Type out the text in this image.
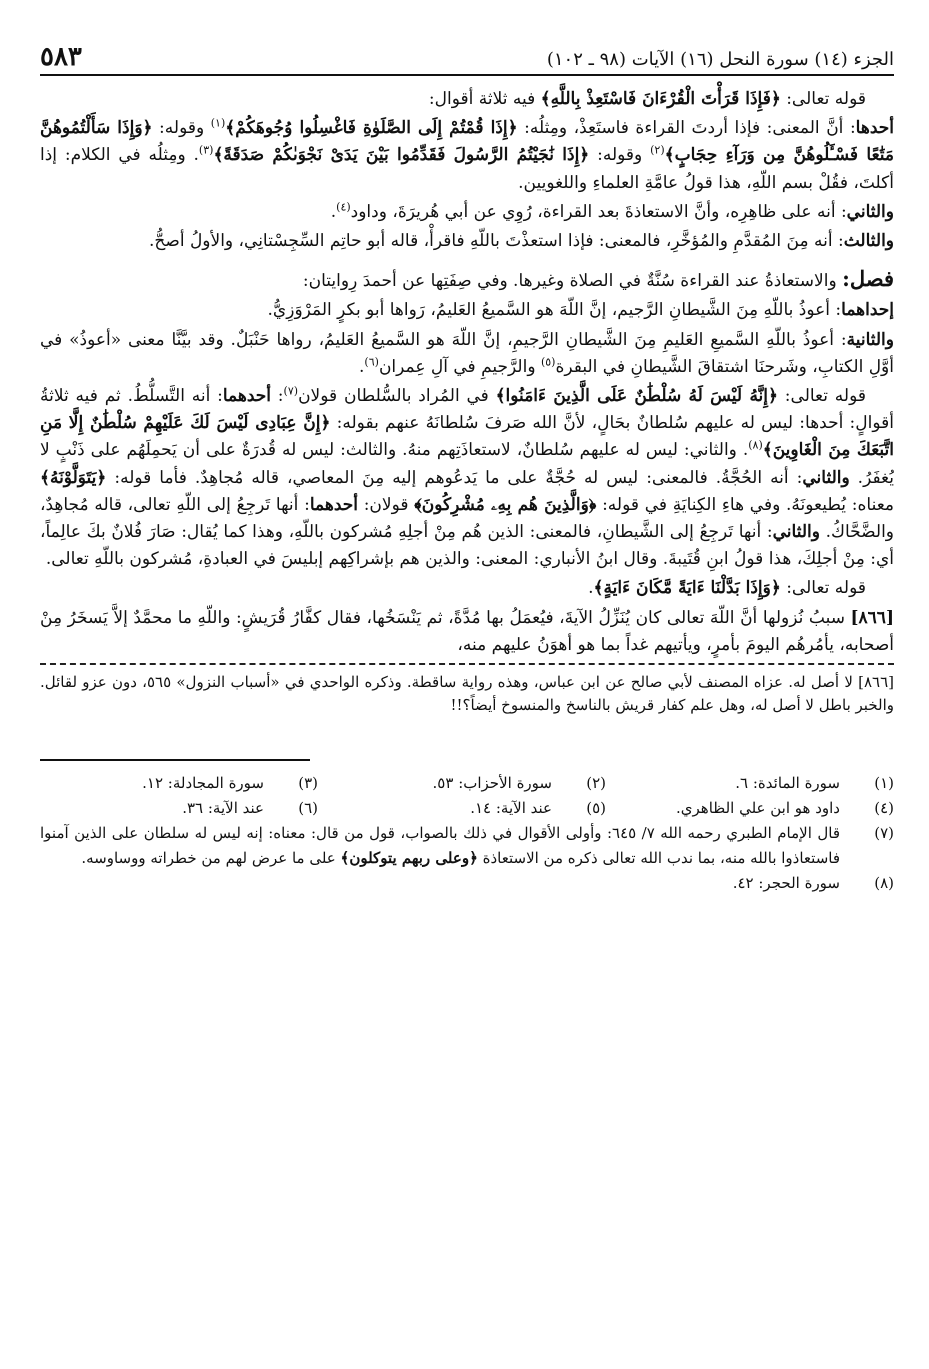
الجزء (١٤) سورة النحل (١٦) الآيات (٩٨ ـ ١٠٢)
٥٨٣

قوله تعالى: ﴿فَإِذَا قَرَأْتَ الْقُرْءَانَ فَاسْتَعِذْ بِاللَّهِ﴾ فيه ثلاثة أقوال:

أحدها: أنَّ المعنى: فإذا أردتَ القراءة فاستَعِذْ، ومِثلُه: ﴿إِذَا قُمْتُمْ إِلَى الصَّلَوٰةِ فَاغْسِلُوا وُجُوهَكُمْ﴾$^{(١)}$ وقوله: ﴿وَإِذَا سَأَلْتُمُوهُنَّ مَتَٰعًا فَسْـَٔلُوهُنَّ مِن وَرَآءِ حِجَابٍ﴾$^{(٢)}$ وقوله: ﴿إِذَا نَٰجَيْتُمُ الرَّسُولَ فَقَدِّمُوا بَيْنَ يَدَىْ نَجْوَىٰكُمْ صَدَقَةً﴾$^{(٣)}$. ومِثلُه في الكلام: إذا أكلتَ، فقُلْ بسم اللّهِ، هذا قولُ عامَّةِ العلماءِ واللغويين.

والثاني: أنه على ظاهِرِه، وأنَّ الاستعاذةَ بعد القراءة، رُوِي عن أبي هُريرَةَ، وداود$^{(٤)}$.

والثالث: أنه مِنَ المُقدَّمِ والمُؤخَّرِ، فالمعنى: فإذا استعذْتَ باللّهِ فاقرأْ، قاله أبو حاتِم السِّجِسْتانِي، والأولُ أصحُّ.

فصل: والاستعاذةُ عند القراءة سُنَّةٌ في الصلاة وغيرها. وفي صِفَتِها عن أحمدَ رِوايتان:

إحداهما: أعوذُ باللّهِ مِنَ الشَّيطانِ الرَّجيم، إنَّ اللّهَ هو السَّميعُ العَليمُ، رَواها أبو بكرٍ المَرْوَزِيُّ.

والثانية: أعوذُ باللّهِ السَّميعِ العَليمِ مِنَ الشَّيطانِ الرَّجيمِ، إنَّ اللّهَ هو السَّميعُ العَليمُ، رواها حَنْبَلٌ. وقد بيَّنَّا معنى «أعوذُ» في أوَّلِ الكتابِ، وشَرحنَا اشتقاقَ الشَّيطانِ في البقرة$^{(٥)}$ والرَّجيمِ في آلِ عِمران$^{(٦)}$.

قوله تعالى: ﴿إِنَّهُ لَيْسَ لَهُ سُلْطَٰنٌ عَلَى الَّذِينَ ءَامَنُوا﴾ في المُراد بالسُّلطان قولان$^{(٧)}$: أحدهما: أنه التَّسلُّطُ. ثم فيه ثلاثةُ أقوالٍ: أحدها: ليس له عليهم سُلطانٌ بحَالٍ، لأنَّ الله صَرفَ سُلطانَهُ عنهم بقوله: ﴿إِنَّ عِبَادِى لَيْسَ لَكَ عَلَيْهِمْ سُلْطَٰنٌ إِلَّا مَنِ اتَّبَعَكَ مِنَ الْغَاوِينَ﴾$^{(٨)}$. والثاني: ليس له عليهم سُلطانٌ، لاستعاذَتِهم منهُ. والثالث: ليس له قُدرَةٌ على أن يَحمِلَهُم على ذَنْبٍ لا يُغفَرُ. والثاني: أنه الحُجَّةُ. فالمعنى: ليس له حُجَّةٌ على ما يَدعُوهم إليه مِنَ المعاصي، قاله مُجاهِدٌ. فأما قوله: ﴿يَتَوَلَّوْنَهُ﴾ معناه: يُطيعونَهُ. وفي هاءِ الكِنايَةِ في قوله: ﴿وَالَّذِينَ هُم بِهِۦ مُشْرِكُونَ﴾ قولان: أحدهما: أنها تَرجِعُ إلى اللّهِ تعالى، قاله مُجاهِدٌ، والضَّحَّاكُ. والثاني: أنها تَرجِعُ إلى الشَّيطانِ، فالمعنى: الذين هُم مِنْ أجلِهِ مُشركون باللّهِ، وهذا كما يُقال: صَارَ فُلانٌ بكَ عالِماً، أي: مِنْ أجلِكَ، هذا قولُ ابنِ قُتَيبةَ. وقال ابنُ الأنباري: المعنى: والذين هم بإشراكِهم إبليسَ في العبادةِ، مُشركون باللّهِ تعالى.

قوله تعالى: ﴿وَإِذَا بَدَّلْنَا ءَايَةً مَّكَانَ ءَايَةٍ﴾.

[٨٦٦] سببُ نُزولها أنَّ اللّهَ تعالى كان يُنَزِّلُ الآيةَ، فيُعمَلُ بها مُدَّةً، ثم يَنْسَخُها، فقال كفَّارُ قُرَيشٍ: واللّهِ ما محمَّدٌ إلاَّ يَسخَرُ مِنْ أصحابه، يأمُرهُم اليومَ بأمرٍ، ويأتيهم غداً بما هو أهوَنُ عليهم منه،

[٨٦٦] لا أصل له. عزاه المصنف لأبي صالح عن ابن عباس، وهذه رواية ساقطة. وذكره الواحدي في «أسباب النزول» ٥٦٥، دون عزو لقائل. والخبر باطل لا أصل له، وهل علم كفار قريش بالناسخ والمنسوخ أيضاً؟!!

(١)
سورة المائدة: ٦.
(٢)
سورة الأحزاب: ٥٣.
(٣)
سورة المجادلة: ١٢.
(٤)
داود هو ابن علي الظاهري.
(٥)
عند الآية: ١٤.
(٦)
عند الآية: ٣٦.
(٧)
قال الإمام الطبري رحمه الله ٧/ ٦٤٥: وأولى الأقوال في ذلك بالصواب، قول من قال: معناه: إنه ليس له سلطان على الذين آمنوا فاستعاذوا بالله منه، بما ندب الله تعالى ذكره من الاستعاذة ﴿وعلى ربهم يتوكلون﴾ على ما عرض لهم من خطراته ووساوسه.
(٨)
سورة الحجر: ٤٢.
